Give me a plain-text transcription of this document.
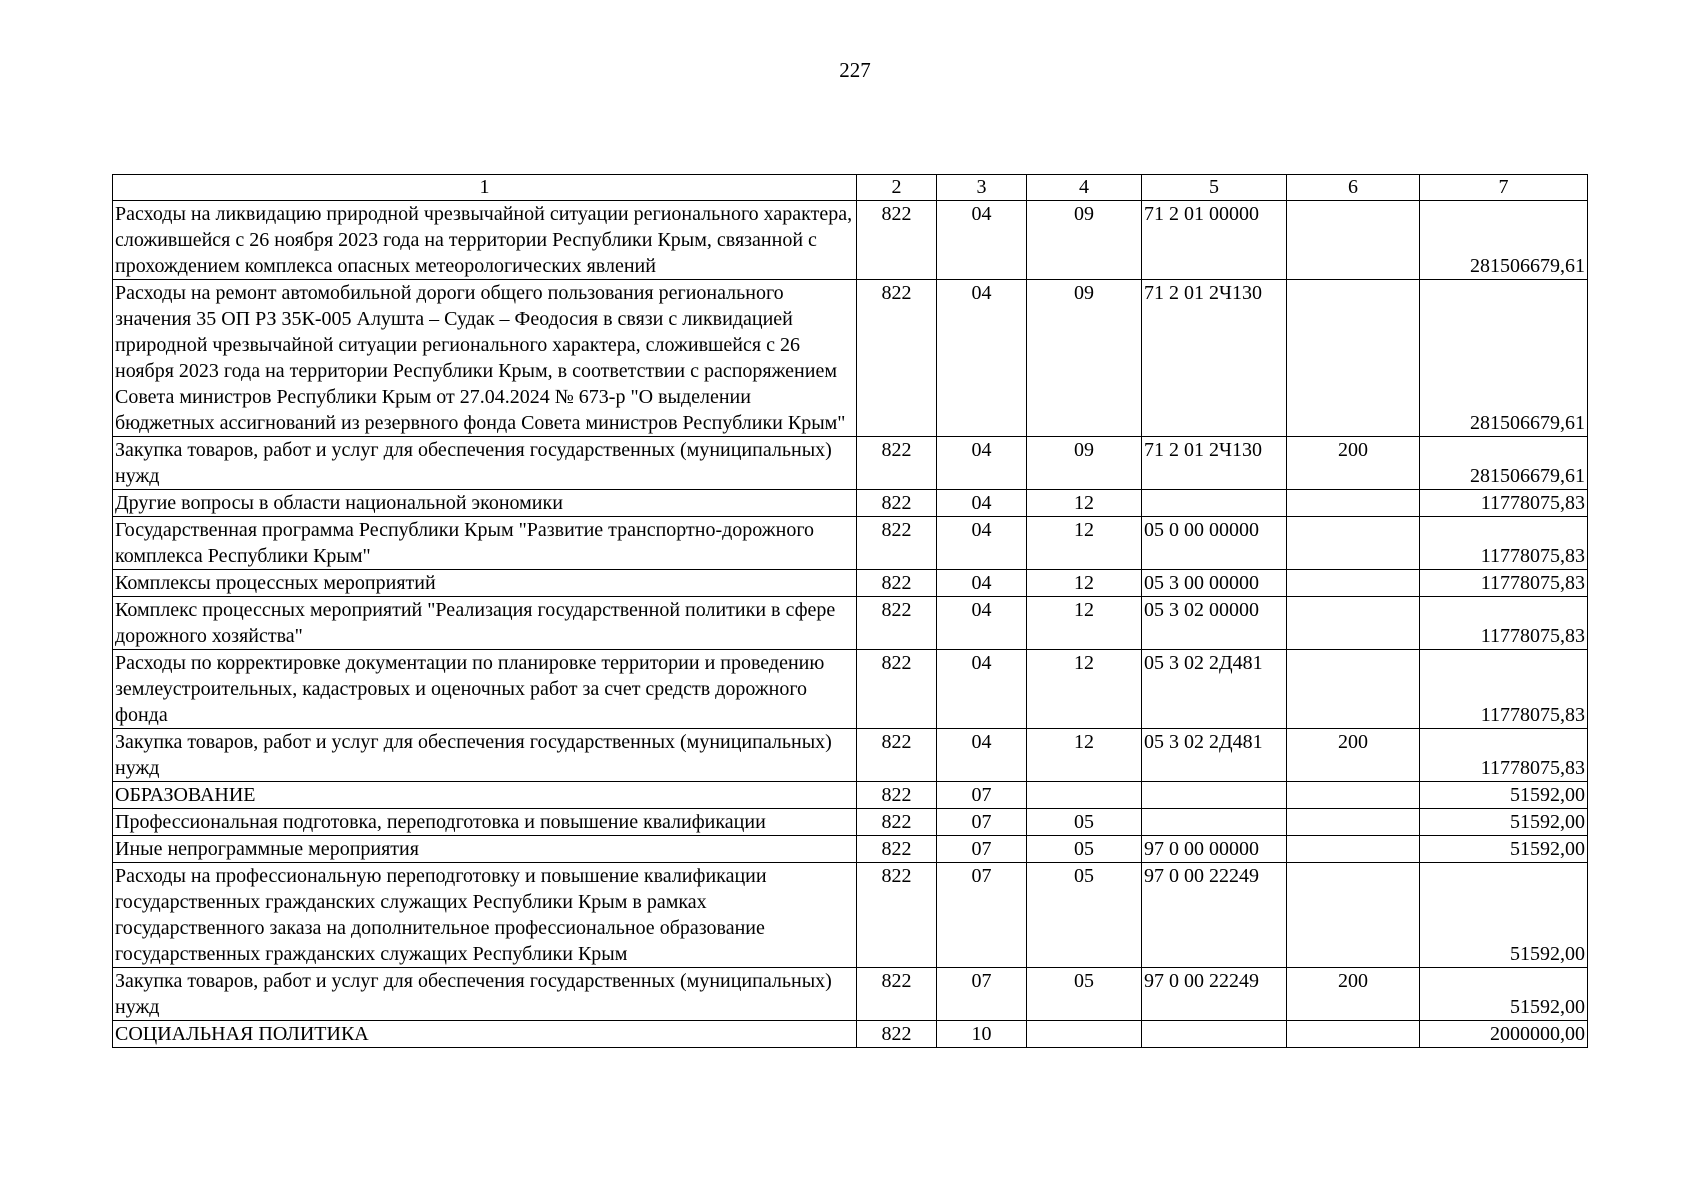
227
1	2	3	4	5	6	7
Расходы на ликвидацию природной чрезвычайной ситуации регионального характера, сложившейся с 26 ноября 2023 года на территории Республики Крым, связанной с прохождением комплекса опасных метеорологических явлений	822	04	09	71 2 01 00000		281506679,61
Расходы на ремонт автомобильной дороги общего пользования регионального значения 35 ОП РЗ 35К-005 Алушта – Судак – Феодосия в связи с ликвидацией природной чрезвычайной ситуации регионального характера, сложившейся с 26 ноября 2023 года на территории Республики Крым, в соответствии с распоряжением Совета министров Республики Крым от 27.04.2024 № 673-р "О выделении бюджетных ассигнований из резервного фонда Совета министров Республики Крым"	822	04	09	71 2 01 2Ч130		281506679,61
Закупка товаров, работ и услуг для обеспечения государственных (муниципальных) нужд	822	04	09	71 2 01 2Ч130	200	281506679,61
Другие вопросы в области национальной экономики	822	04	12			11778075,83
Государственная программа Республики Крым "Развитие транспортно-дорожного комплекса Республики Крым"	822	04	12	05 0 00 00000		11778075,83
Комплексы процессных мероприятий	822	04	12	05 3 00 00000		11778075,83
Комплекс процессных мероприятий "Реализация государственной политики в сфере дорожного хозяйства"	822	04	12	05 3 02 00000		11778075,83
Расходы по корректировке документации по планировке территории и проведению землеустроительных, кадастровых и оценочных работ за счет средств дорожного фонда	822	04	12	05 3 02 2Д481		11778075,83
Закупка товаров, работ и услуг для обеспечения государственных (муниципальных) нужд	822	04	12	05 3 02 2Д481	200	11778075,83
ОБРАЗОВАНИЕ	822	07				51592,00
Профессиональная подготовка, переподготовка и повышение квалификации	822	07	05			51592,00
Иные непрограммные мероприятия	822	07	05	97 0 00 00000		51592,00
Расходы на профессиональную переподготовку и повышение квалификации государственных гражданских служащих Республики Крым в рамках государственного заказа на дополнительное профессиональное образование государственных гражданских служащих Республики Крым	822	07	05	97 0 00 22249		51592,00
Закупка товаров, работ и услуг для обеспечения государственных (муниципальных) нужд	822	07	05	97 0 00 22249	200	51592,00
СОЦИАЛЬНАЯ ПОЛИТИКА	822	10				2000000,00
